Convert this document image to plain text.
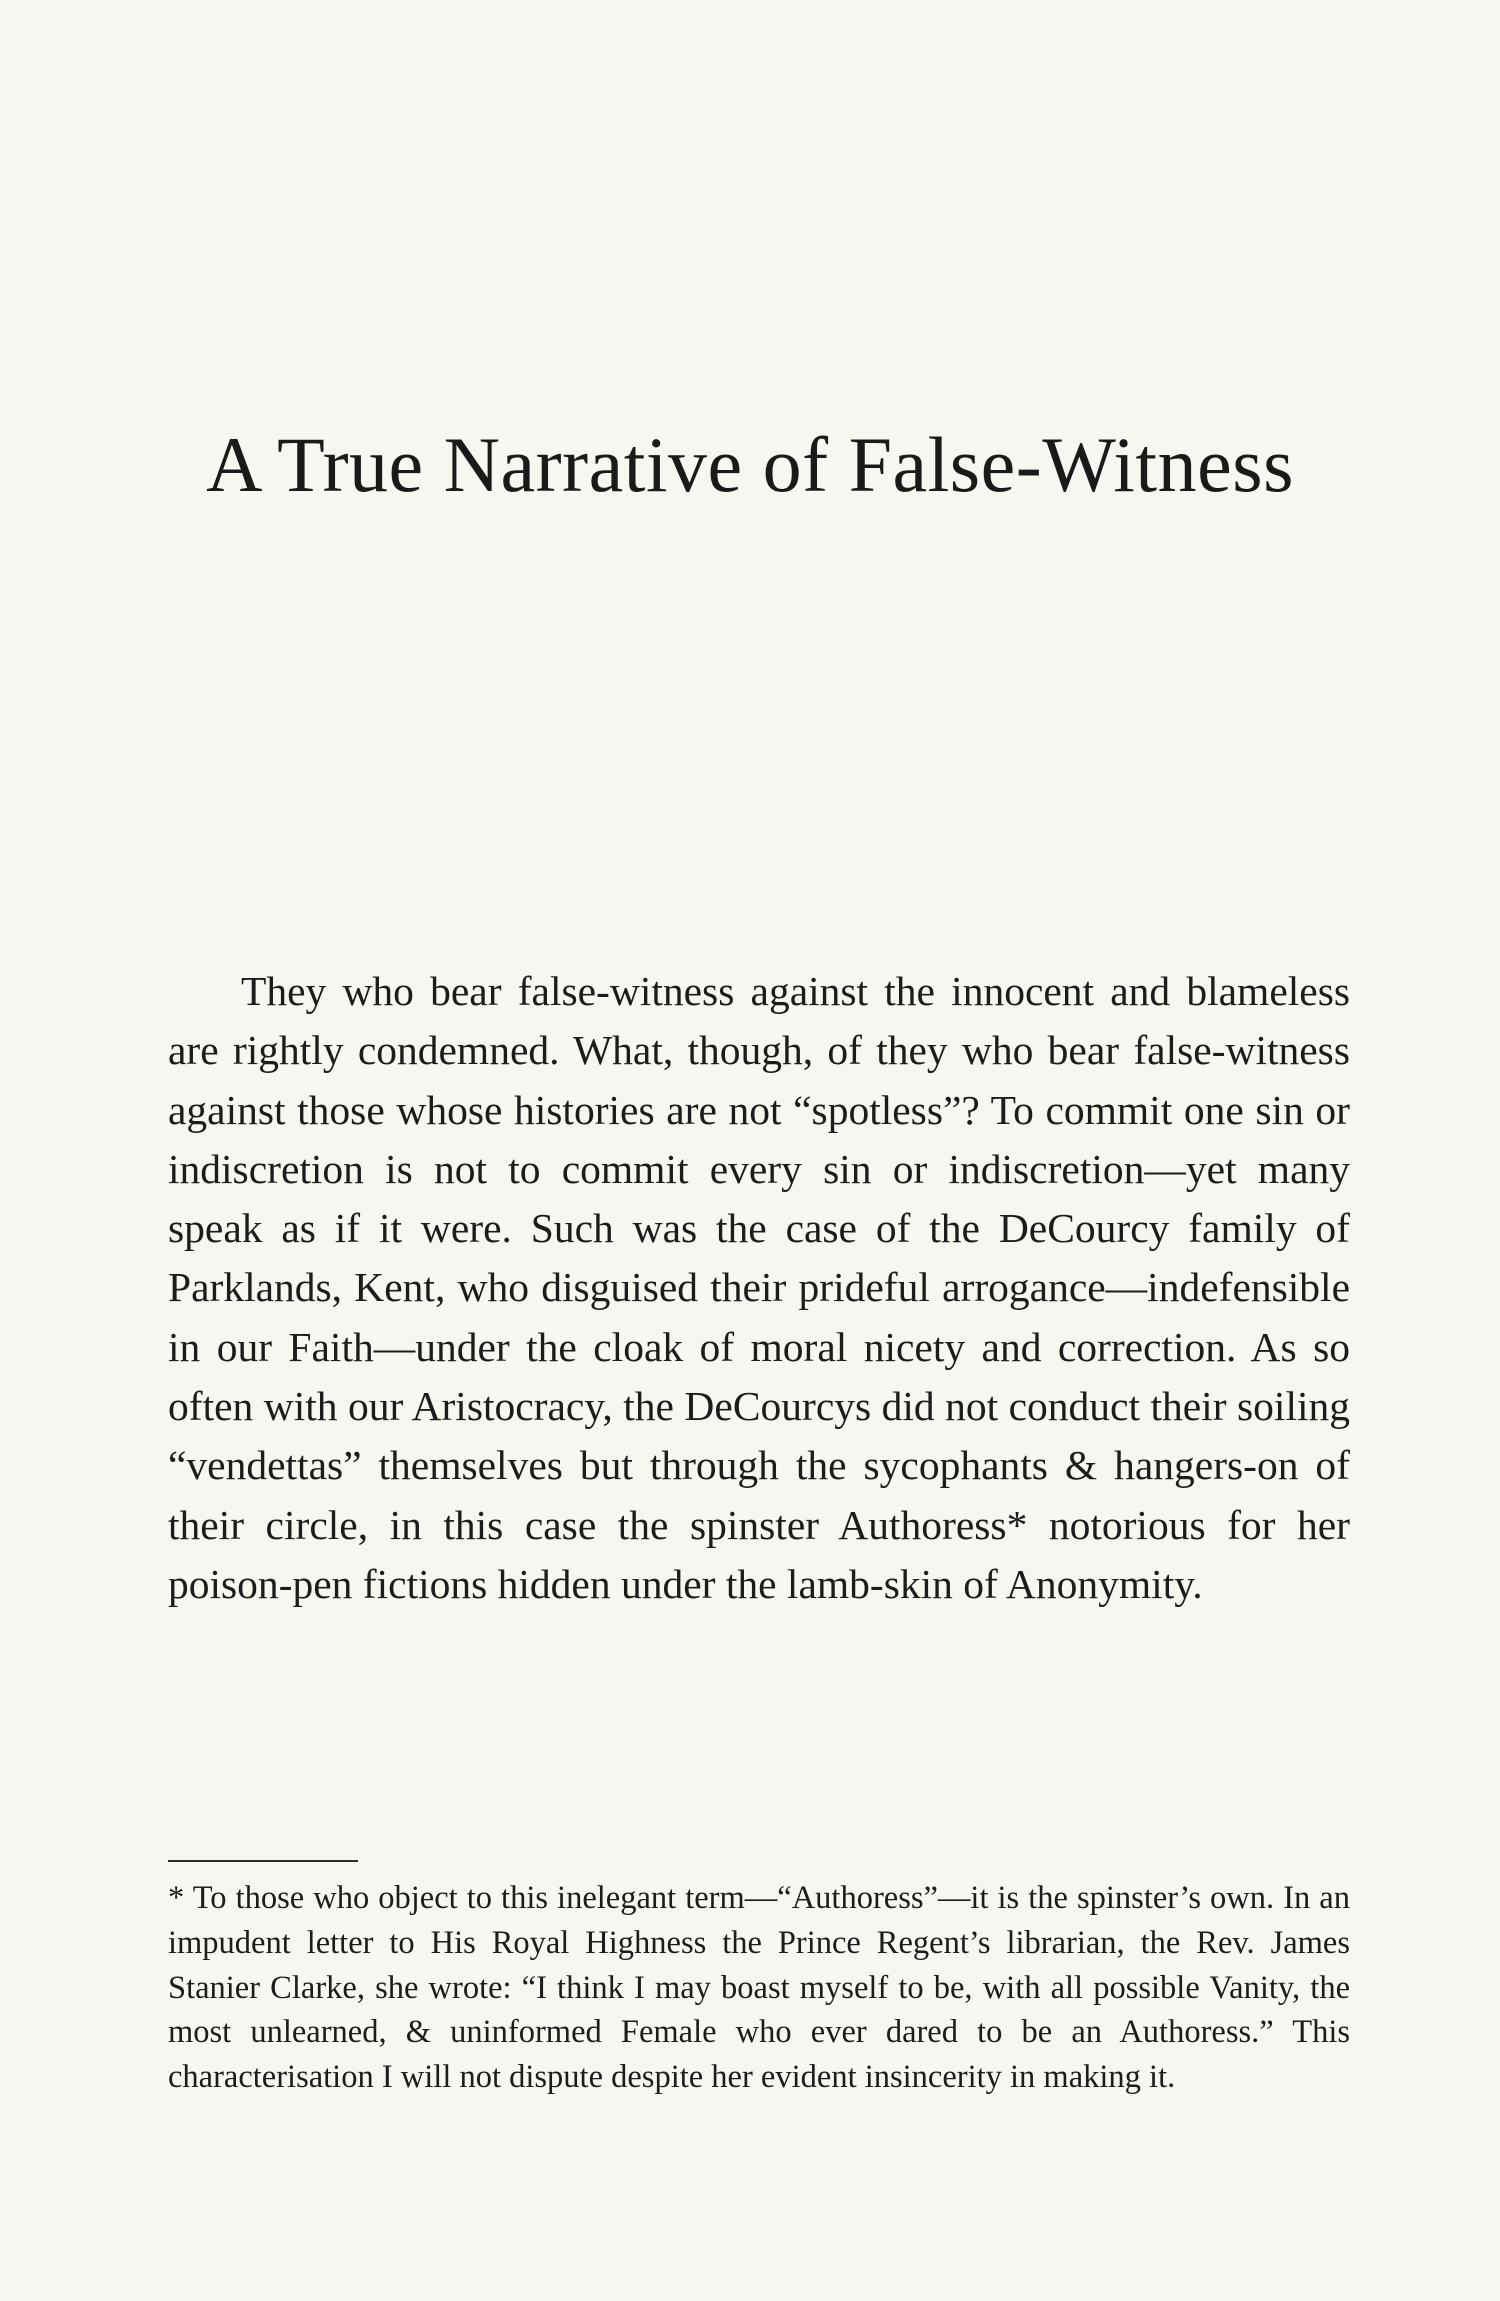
A True Narrative of False-Witness

They who bear false-witness against the innocent and blameless are rightly condemned. What, though, of they who bear false-witness against those whose histories are not “spotless”? To commit one sin or indiscretion is not to commit every sin or indiscretion—yet many speak as if it were. Such was the case of the DeCourcy family of Parklands, Kent, who disguised their prideful arrogance—indefensible in our Faith—under the cloak of moral nicety and correction. As so often with our Aristocracy, the DeCourcys did not conduct their soiling “vendettas” themselves but through the sycophants & hangers-on of their circle, in this case the spinster Authoress* notorious for her poison-pen fictions hidden under the lamb-skin of Anonymity.

* To those who object to this inelegant term—“Authoress”—it is the spinster’s own. In an impudent letter to His Royal Highness the Prince Regent’s librarian, the Rev. James Stanier Clarke, she wrote: “I think I may boast myself to be, with all possible Vanity, the most unlearned, & uninformed Female who ever dared to be an Authoress.” This characterisation I will not dispute despite her evident insincerity in making it.
